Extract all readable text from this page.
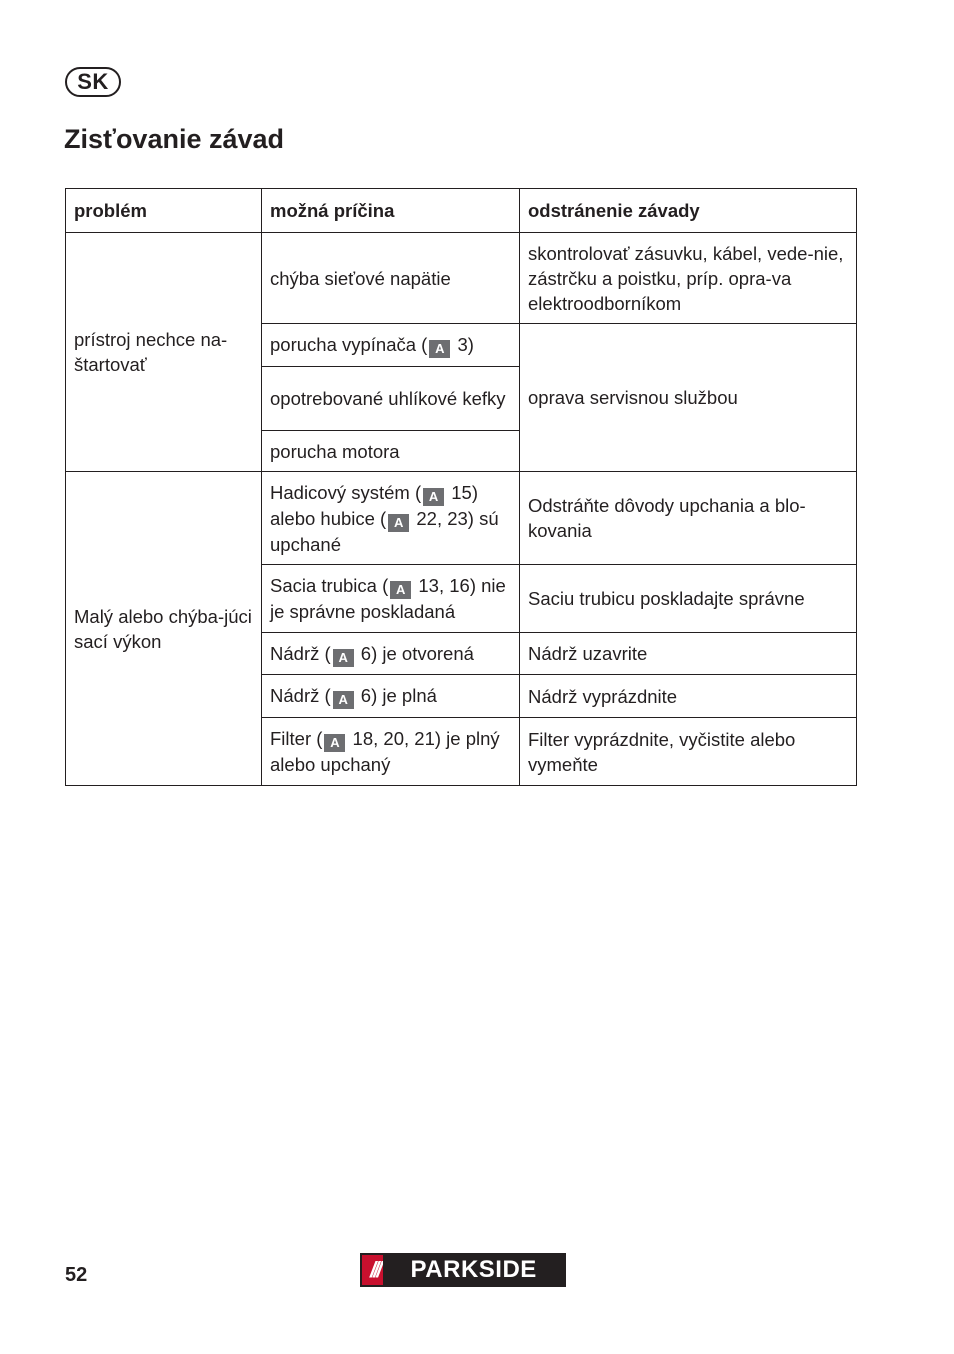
SK
Zisťovanie závad
problém	možná príčina	odstránenie závady
prístroj nechce na-štartovať	chýba sieťové napätie	skontrolovať zásuvku, kábel, vede-nie, zástrčku a poistku, príp. opra-va elektroodborníkom
	porucha vypínača ( A 3)	oprava servisnou službou
	opotrebované uhlíkové kefky	
	porucha motora	
Malý alebo chýba-júci sací výkon	Hadicový systém ( A 15) alebo hubice ( A 22, 23) sú upchané	Odstráňte dôvody upchania a blo-kovania
	Sacia trubica ( A 13, 16) nie je správne poskladaná	Saciu trubicu poskladajte správne
	Nádrž ( A 6) je otvorená	Nádrž uzavrite
	Nádrž ( A 6) je plná	Nádrž vyprázdnite
	Filter ( A 18, 20, 21) je plný alebo upchaný	Filter vyprázdnite, vyčistite alebo vymeňte
52	///	PARKSIDE
